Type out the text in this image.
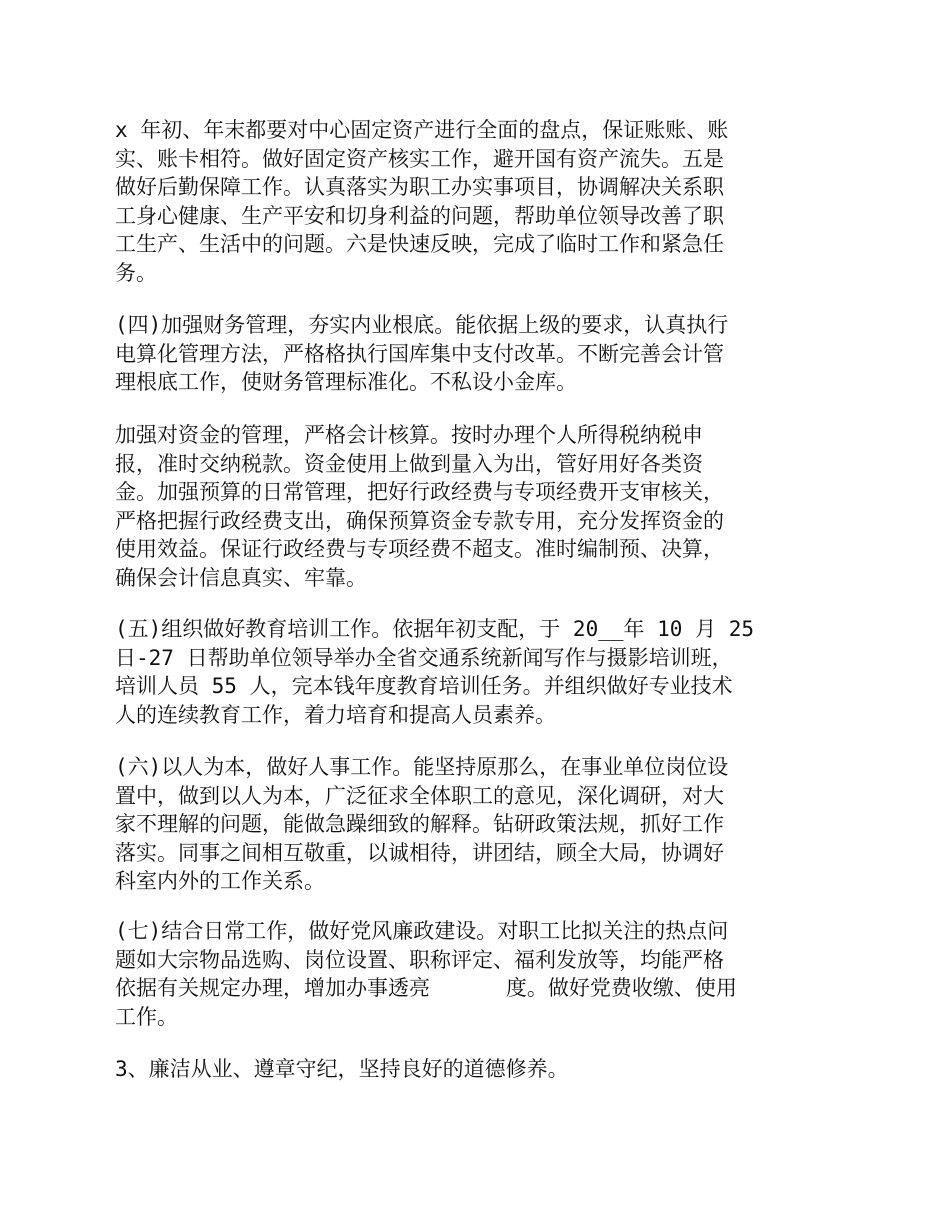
x 年初、年末都要对中心固定资产进行全面的盘点，保证账账、账
实、账卡相符。做好固定资产核实工作，避开国有资产流失。五是
做好后勤保障工作。认真落实为职工办实事项目，协调解决关系职
工身心健康、生产平安和切身利益的问题，帮助单位领导改善了职
工生产、生活中的问题。六是快速反映，完成了临时工作和紧急任
务。
(四)加强财务管理，夯实内业根底。能依据上级的要求，认真执行
电算化管理方法，严格格执行国库集中支付改革。不断完善会计管
理根底工作，使财务管理标准化。不私设小金库。
加强对资金的管理，严格会计核算。按时办理个人所得税纳税申
报，准时交纳税款。资金使用上做到量入为出，管好用好各类资
金。加强预算的日常管理，把好行政经费与专项经费开支审核关，
严格把握行政经费支出，确保预算资金专款专用，充分发挥资金的
使用效益。保证行政经费与专项经费不超支。准时编制预、决算，
确保会计信息真实、牢靠。
(五)组织做好教育培训工作。依据年初支配，于 20__年 10 月 25
日-27 日帮助单位领导举办全省交通系统新闻写作与摄影培训班，
培训人员 55 人，完本钱年度教育培训任务。并组织做好专业技术
人的连续教育工作，着力培育和提高人员素养。
(六)以人为本，做好人事工作。能坚持原那么，在事业单位岗位设
置中，做到以人为本，广泛征求全体职工的意见，深化调研，对大
家不理解的问题，能做急躁细致的解释。钻研政策法规，抓好工作
落实。同事之间相互敬重，以诚相待，讲团结，顾全大局，协调好
科室内外的工作关系。
(七)结合日常工作，做好党风廉政建设。对职工比拟关注的热点问
题如大宗物品选购、岗位设置、职称评定、福利发放等，均能严格
依据有关规定办理，增加办事透亮      度。做好党费收缴、使用
工作。
3、廉洁从业、遵章守纪，坚持良好的道德修养。
